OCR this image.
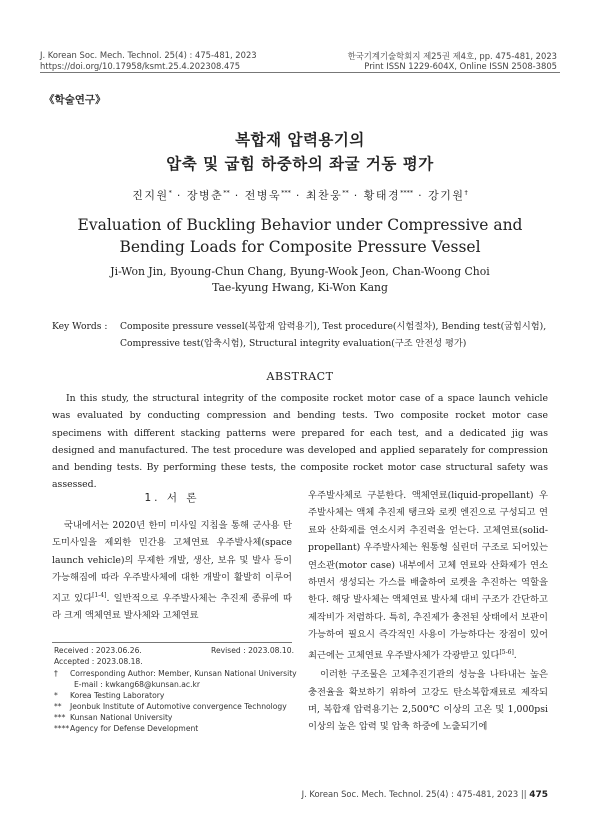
J. Korean Soc. Mech. Technol. 25(4) : 475-481, 2023
https://doi.org/10.17958/ksmt.25.4.202308.475
한국기계기술학회지 제25권 제4호, pp. 475-481, 2023
Print ISSN 1229-604X, Online ISSN 2508-3805
《학술연구》
복합재 압력용기의
압축 및 굽힘 하중하의 좌굴 거동 평가
진지원* · 장병춘** · 전병욱*** · 최찬웅** · 황태경**** · 강기원†
Evaluation of Buckling Behavior under Compressive and
Bending Loads for Composite Pressure Vessel
Ji-Won Jin, Byoung-Chun Chang, Byung-Wook Jeon, Chan-Woong Choi
Tae-kyung Hwang, Ki-Won Kang
Key Words : Composite pressure vessel(복합재 압력용기), Test procedure(시험절차), Bending test(굽힘시험),
Compressive test(압축시험), Structural integrity evaluation(구조 안전성 평가)
ABSTRACT
In this study, the structural integrity of the composite rocket motor case of a space launch vehicle was evaluated by conducting compression and bending tests. Two composite rocket motor case specimens with different stacking patterns were prepared for each test, and a dedicated jig was designed and manufactured. The test procedure was developed and applied separately for compression and bending tests. By performing these tests, the composite rocket motor case structural safety was assessed.
1. 서 론
국내에서는 2020년 한미 미사일 지침을 통해 군사용 탄도미사일을 제외한 민간용 고체연료 우주발사체(space launch vehicle)의 무제한 개발, 생산, 보유 및 발사 등이 가능해짐에 따라 우주발사체에 대한 개발이 활발히 이루어지고 있다[1-4]. 일반적으로 우주발사체는 추진제 종류에 따라 크게 액체연료 발사체와 고체연료

우주발사체로 구분한다. 액체연료(liquid-propellant) 우주발사체는 액체 추진제 탱크와 로켓 엔진으로 구성되고 연료와 산화제를 연소시켜 추진력을 얻는다. 고체연료(solid-propellant) 우주발사체는 원통형 실린더 구조로 되어있는 연소관(motor case) 내부에서 고체 연료와 산화제가 연소하면서 생성되는 가스를 배출하여 로켓을 추진하는 역할을 한다. 해당 발사체는 액체연료 발사체 대비 구조가 간단하고 제작비가 저렴하다. 특히, 추진제가 충전된 상태에서 보관이 가능하여 필요시 즉각적인 사용이 가능하다는 장점이 있어 최근에는 고체연료 우주발사체가 각광받고 있다[5-6].

이러한 구조물은 고체추진기관의 성능을 나타내는 높은 충전율을 확보하기 위하여 고강도 탄소복합재료로 제작되며, 복합재 압력용기는 2,500℃ 이상의 고온 및 1,000psi 이상의 높은 압력 및 압축 하중에 노출되기에

Received : 2023.06.26.	Revised : 2023.08.10.
Accepted : 2023.08.18.
† Corresponding Author: Member, Kunsan National University
E-mail : kwkang68@kunsan.ac.kr
* Korea Testing Laboratory
** Jeonbuk Institute of Automotive convergence Technology
*** Kunsan National University
****Agency for Defense Development
J. Korean Soc. Mech. Technol. 25(4) : 475-481, 2023 || 475
